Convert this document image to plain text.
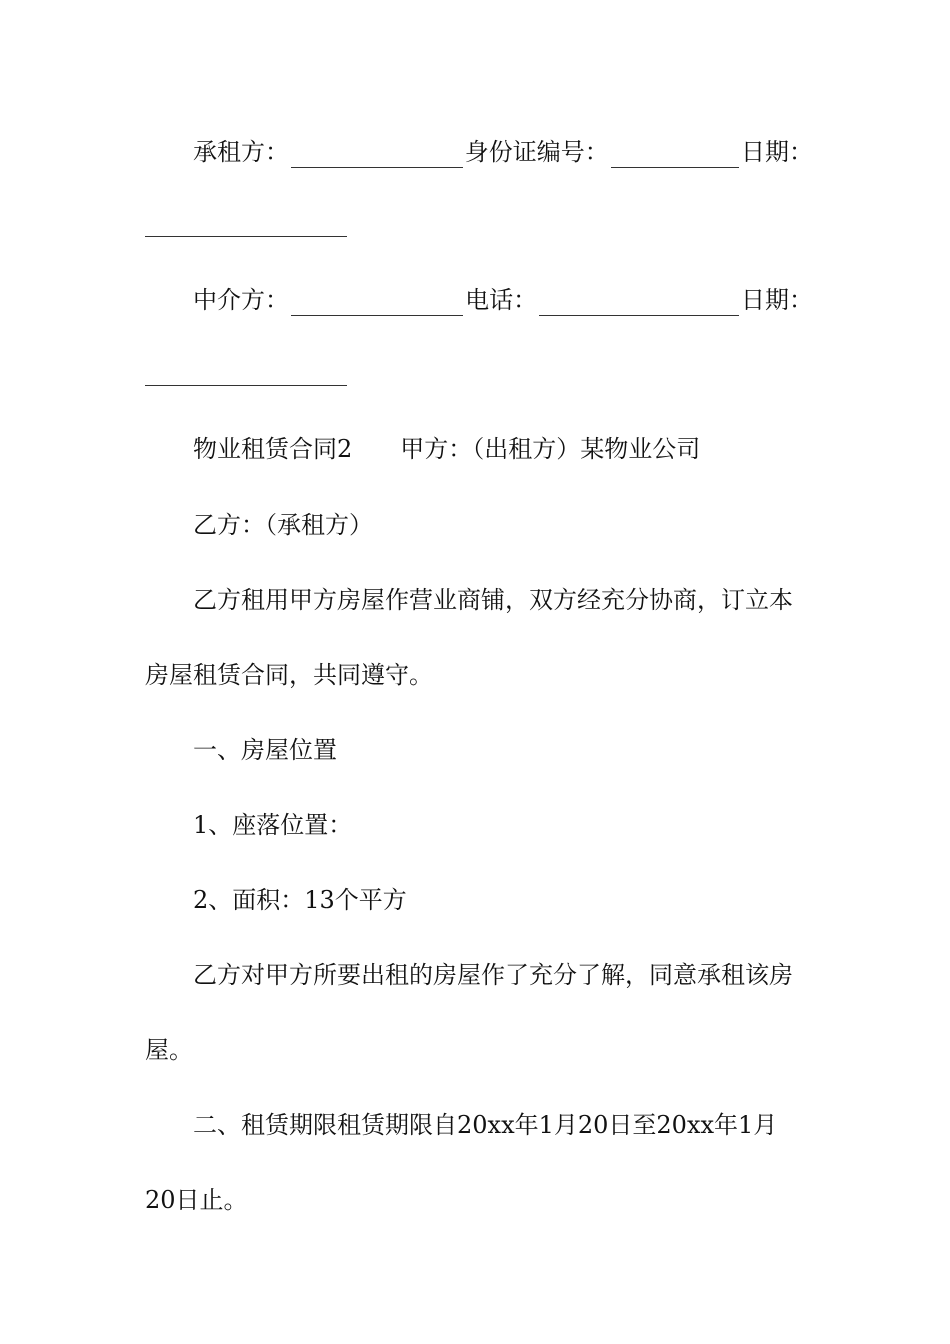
承租方：	身份证编号：	日期：
中介方：	电话：	日期：
物业租赁合同2 甲方：（出租方）某物业公司
乙方：（承租方）
乙方租用甲方房屋作营业商铺，双方经充分协商，订立本
房屋租赁合同，共同遵守。
一、房屋位置
1、座落位置：
2、面积：13个平方
乙方对甲方所要出租的房屋作了充分了解，同意承租该房
屋。
二、租赁期限租赁期限自20xx年1月20日至20xx年1月
20日止。
